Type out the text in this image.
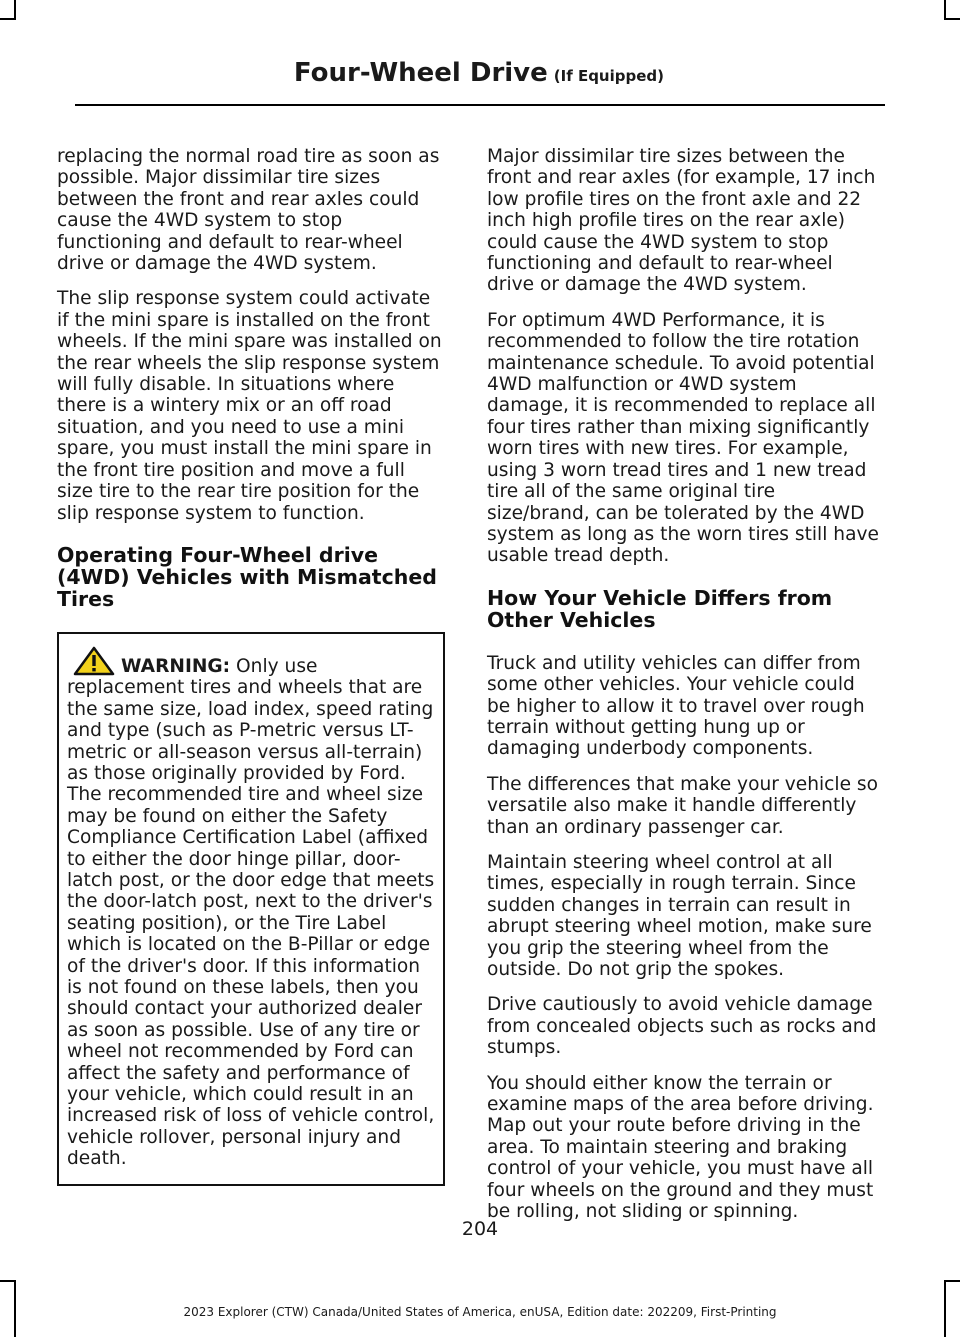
Four-Wheel Drive (If Equipped)

replacing the normal road tire as soon as possible. Major dissimilar tire sizes between the front and rear axles could cause the 4WD system to stop functioning and default to rear-wheel drive or damage the 4WD system.

The slip response system could activate if the mini spare is installed on the front wheels. If the mini spare was installed on the rear wheels the slip response system will fully disable. In situations where there is a wintery mix or an off road situation, and you need to use a mini spare, you must install the mini spare in the front tire position and move a full size tire to the rear tire position for the slip response system to function.

Operating Four-Wheel drive (4WD) Vehicles with Mismatched Tires
WARNING: Only use replacement tires and wheels that are the same size, load index, speed rating and type (such as P-metric versus LT-metric or all-season versus all-terrain) as those originally provided by Ford. The recommended tire and wheel size may be found on either the Safety Compliance Certification Label (affixed to either the door hinge pillar, door-latch post, or the door edge that meets the door-latch post, next to the driver's seating position), or the Tire Label which is located on the B-Pillar or edge of the driver's door. If this information is not found on these labels, then you should contact your authorized dealer as soon as possible. Use of any tire or wheel not recommended by Ford can affect the safety and performance of your vehicle, which could result in an increased risk of loss of vehicle control, vehicle rollover, personal injury and death.

Major dissimilar tire sizes between the front and rear axles (for example, 17 inch low profile tires on the front axle and 22 inch high profile tires on the rear axle) could cause the 4WD system to stop functioning and default to rear-wheel drive or damage the 4WD system.

For optimum 4WD Performance, it is recommended to follow the tire rotation maintenance schedule. To avoid potential 4WD malfunction or 4WD system damage, it is recommended to replace all four tires rather than mixing significantly worn tires with new tires. For example, using 3 worn tread tires and 1 new tread tire all of the same original tire size/brand, can be tolerated by the 4WD system as long as the worn tires still have usable tread depth.

How Your Vehicle Differs from Other Vehicles

Truck and utility vehicles can differ from some other vehicles. Your vehicle could be higher to allow it to travel over rough terrain without getting hung up or damaging underbody components.

The differences that make your vehicle so versatile also make it handle differently than an ordinary passenger car.

Maintain steering wheel control at all times, especially in rough terrain. Since sudden changes in terrain can result in abrupt steering wheel motion, make sure you grip the steering wheel from the outside. Do not grip the spokes.

Drive cautiously to avoid vehicle damage from concealed objects such as rocks and stumps.

You should either know the terrain or examine maps of the area before driving. Map out your route before driving in the area. To maintain steering and braking control of your vehicle, you must have all four wheels on the ground and they must be rolling, not sliding or spinning.

204
2023 Explorer (CTW) Canada/United States of America, enUSA, Edition date: 202209, First-Printing
